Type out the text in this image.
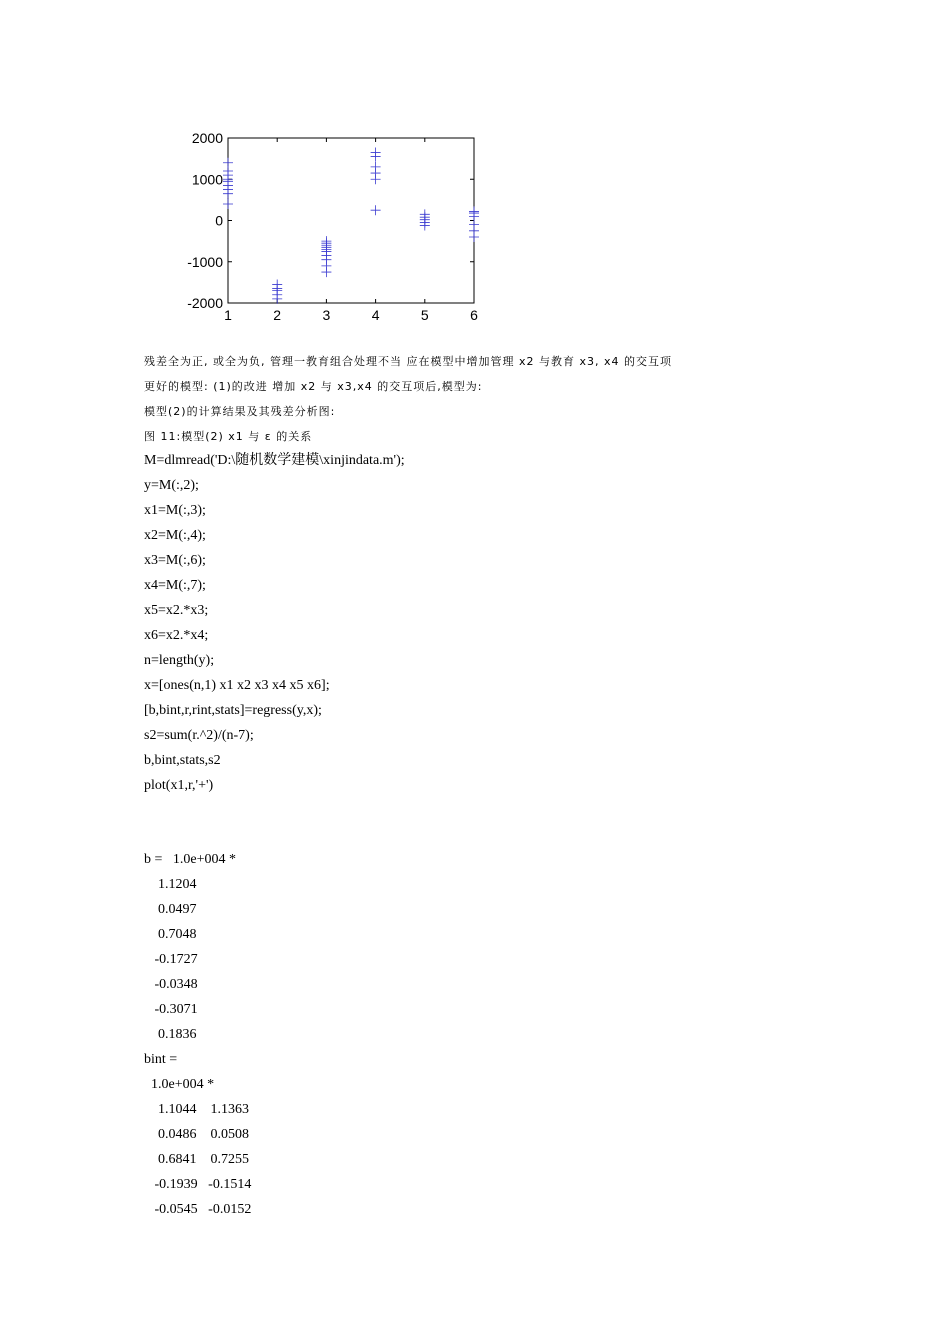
1	2	3	4	5	6
2000
1000
0
-1000
-2000
残差全为正, 或全为负, 管理一教育组合处理不当 应在模型中增加管理 x2 与教育 x3, x4 的交互项
更好的模型: (1)的改进 增加 x2 与 x3,x4 的交互项后,模型为:
模型(2)的计算结果及其残差分析图:
图 11:模型(2) x1 与 ε 的关系
M=dlmread('D:\随机数学建模\xinjindata.m');
y=M(:,2);
x1=M(:,3);
x2=M(:,4);
x3=M(:,6);
x4=M(:,7);
x5=x2.*x3;
x6=x2.*x4;
n=length(y);
x=[ones(n,1) x1 x2 x3 x4 x5 x6];
[b,bint,r,rint,stats]=regress(y,x);
s2=sum(r.^2)/(n-7);
b,bint,stats,s2
plot(x1,r,'+')
b =   1.0e+004 *
1.1204
0.0497
0.7048
-0.1727
-0.0348
-0.3071
0.1836
bint =
1.0e+004 *
1.1044    1.1363
0.0486    0.0508
0.6841    0.7255
-0.1939   -0.1514
-0.0545   -0.0152
